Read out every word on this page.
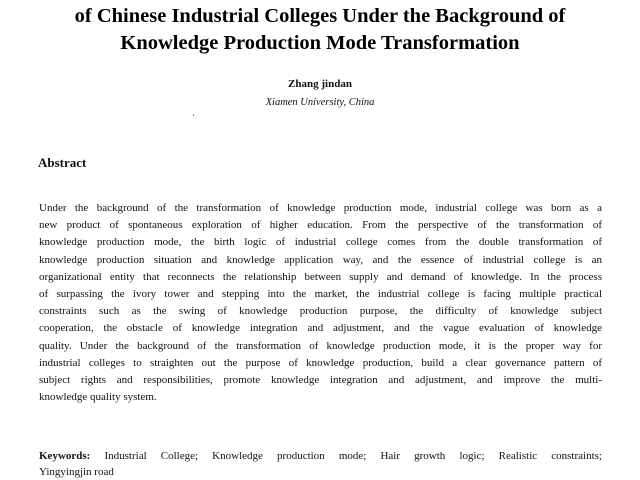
of Chinese Industrial Colleges Under the Background of
Knowledge Production Mode Transformation
Zhang jindan
Xiamen University, China
·
Abstract
Under the background of the transformation of knowledge production mode, industrial college was born as a
new product of spontaneous exploration of higher education. From the perspective of the transformation of
knowledge production mode, the birth logic of industrial college comes from the double transformation of
knowledge production situation and knowledge application way, and the essence of industrial college is an
organizational entity that reconnects the relationship between supply and demand of knowledge. In the process
of surpassing the ivory tower and stepping into the market, the industrial college is facing multiple practical
constraints such as the swing of knowledge production purpose, the difficulty of knowledge subject
cooperation, the obstacle of knowledge integration and adjustment, and the vague evaluation of knowledge
quality. Under the background of the transformation of knowledge production mode, it is the proper way for
industrial colleges to straighten out the purpose of knowledge production, build a clear governance pattern of
subject rights and responsibilities, promote knowledge integration and adjustment, and improve the multi-
knowledge quality system.
Keywords: Industrial College; Knowledge production mode; Hair growth logic; Realistic constraints;
Yingyingjin road
